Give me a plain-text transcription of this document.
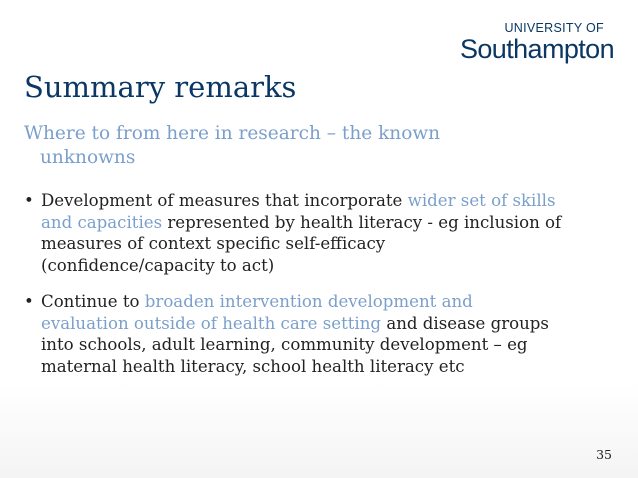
UNIVERSITY OF
Southampton
Summary remarks
Where to from here in research – the known
unknowns
• Development of measures that incorporate wider set of skills and capacities represented by health literacy - eg inclusion of measures of context specific self-efficacy (confidence/capacity to act)
• Continue to broaden intervention development and evaluation outside of health care setting and disease groups into schools, adult learning, community development – eg maternal health literacy, school health literacy etc
35
